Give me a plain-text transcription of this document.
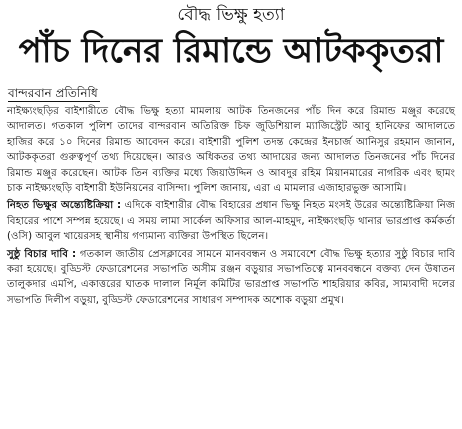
বৌদ্ধ ভিক্ষু হত্যা
পাঁচ দিনের রিমান্ডে আটককৃতরা
বান্দরবান প্রতিনিধি

নাইক্ষ্যংছড়ির বাইশারীতে বৌদ্ধ ভিক্ষু হত্যা মামলায় আটক তিনজনের পাঁচ দিন করে রিমান্ড মঞ্জুর করেছে আদালত। গতকাল পুলিশ তাদের বান্দরবান অতিরিক্ত চিফ জুডিশিয়াল ম্যাজিস্ট্রেট আবু হানিফের আদালতে হাজির করে ১০ দিনের রিমান্ড আবেদন করে। বাইশারী পুলিশ তদন্ত কেন্দ্রের ইনচার্জ আনিসুর রহমান জানান, আটককৃতরা গুরুত্বপূর্ণ তথ্য দিয়েছেন। আরও অধিকতর তথ্য আদায়ের জন্য আদালত তিনজনের পাঁচ দিনের রিমান্ড মঞ্জুর করেছেন। আটক তিন ব্যক্তির মধ্যে জিয়াউদ্দিন ও আবদুর রহিম মিয়ানমারের নাগরিক এবং ছামং চাক নাইক্ষ্যংছড়ি বাইশারী ইউনিয়নের বাসিন্দা। পুলিশ জানায়, এরা এ মামলার এজাহারভুক্ত আসামি।

নিহত ভিক্ষুর অন্ত্যেষ্টিক্রিয়া : এদিকে বাইশারীর বৌদ্ধ বিহারের প্রধান ভিক্ষু নিহত মংসই উরের অন্ত্যেষ্টিক্রিয়া নিজ বিহারের পাশে সম্পন্ন হয়েছে। এ সময় লামা সার্কেল অফিসার আল-মাহমুদ, নাইক্ষ্যংছড়ি থানার ভারপ্রাপ্ত কর্মকর্তা (ওসি) আবুল খায়েরসহ স্থানীয় গণ্যমান্য ব্যক্তিরা উপস্থিত ছিলেন।

সুষ্ঠু বিচার দাবি : গতকাল জাতীয় প্রেসক্লাবের সামনে মানববন্ধন ও সমাবেশে বৌদ্ধ ভিক্ষু হত্যার সুষ্ঠু বিচার দাবি করা হয়েছে। বুড্ডিস্ট ফেডারেশনের সভাপতি অসীম রঞ্জন বড়ুয়ার সভাপতিত্বে মানববন্ধনে বক্তব্য দেন উষাতন তালুকদার এমপি, একাত্তরের ঘাতক দালাল নির্মূল কমিটির ভারপ্রাপ্ত সভাপতি শাহরিয়ার কবির, সাম্যবাদী দলের সভাপতি দিলীপ বড়ুয়া, বুড্ডিস্ট ফেডারেশনের সাধারণ সম্পাদক অশোক বড়ুয়া প্রমুখ।
